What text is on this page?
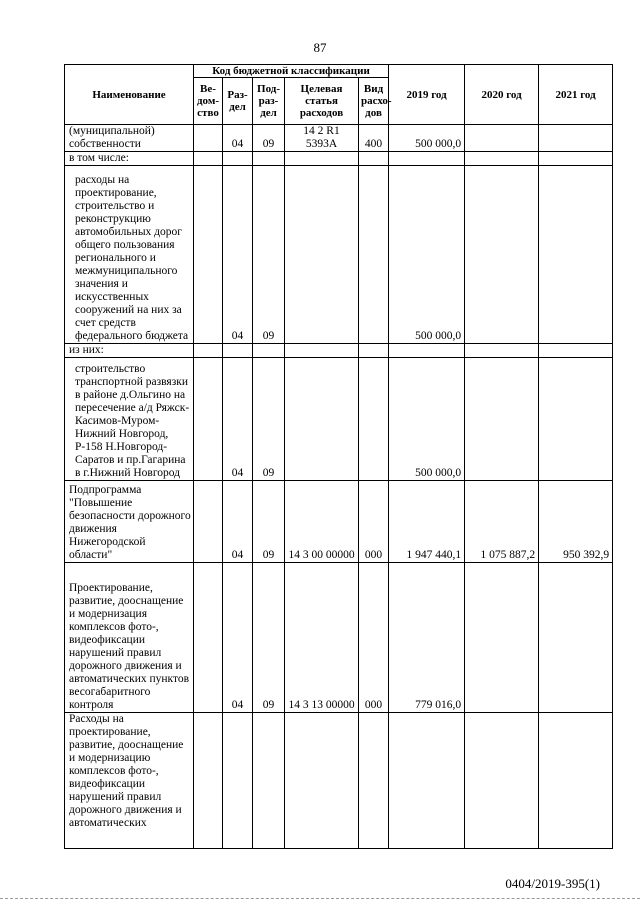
87
Наименование	Код бюджетной классификации					2019 год	2020 год	2021 год
	Ве-дом-ство	Раз-дел	Под-раз-дел	Целевая статья расходов	Вид расхо-дов			
(муниципальной) собственности		04	09	14 2 R1 5393A	400	500 000,0		
в том числе:								

расходы на проектирование, строительство и реконструкцию автомобильных дорог общего пользования регионального и межмуниципального значения и искусственных сооружений на них за счет средств федерального бюджета		04	09			500 000,0		
из них:								

строительство транспортной развязки в районе д.Ольгино на пересечение а/д Ряжск-Касимов-Муром-Нижний Новгород, Р-158 Н.Новгород-Саратов и пр.Гагарина в г.Нижний Новгород		04	09			500 000,0		
Подпрограмма "Повышение безопасности дорожного движения Нижегородской области"		04	09	14 3 00 00000	000	1 947 440,1	1 075 887,2	950 392,9
Проектирование, развитие, дооснащение и модернизация комплексов фото-, видеофиксации нарушений правил дорожного движения и автоматических пунктов весогабаритного контроля		04	09	14 3 13 00000	000	779 016,0		
Расходы на проектирование, развитие, дооснащение и модернизацию комплексов фото-, видеофиксации нарушений правил дорожного движения и автоматических								
0404/2019-395(1)
